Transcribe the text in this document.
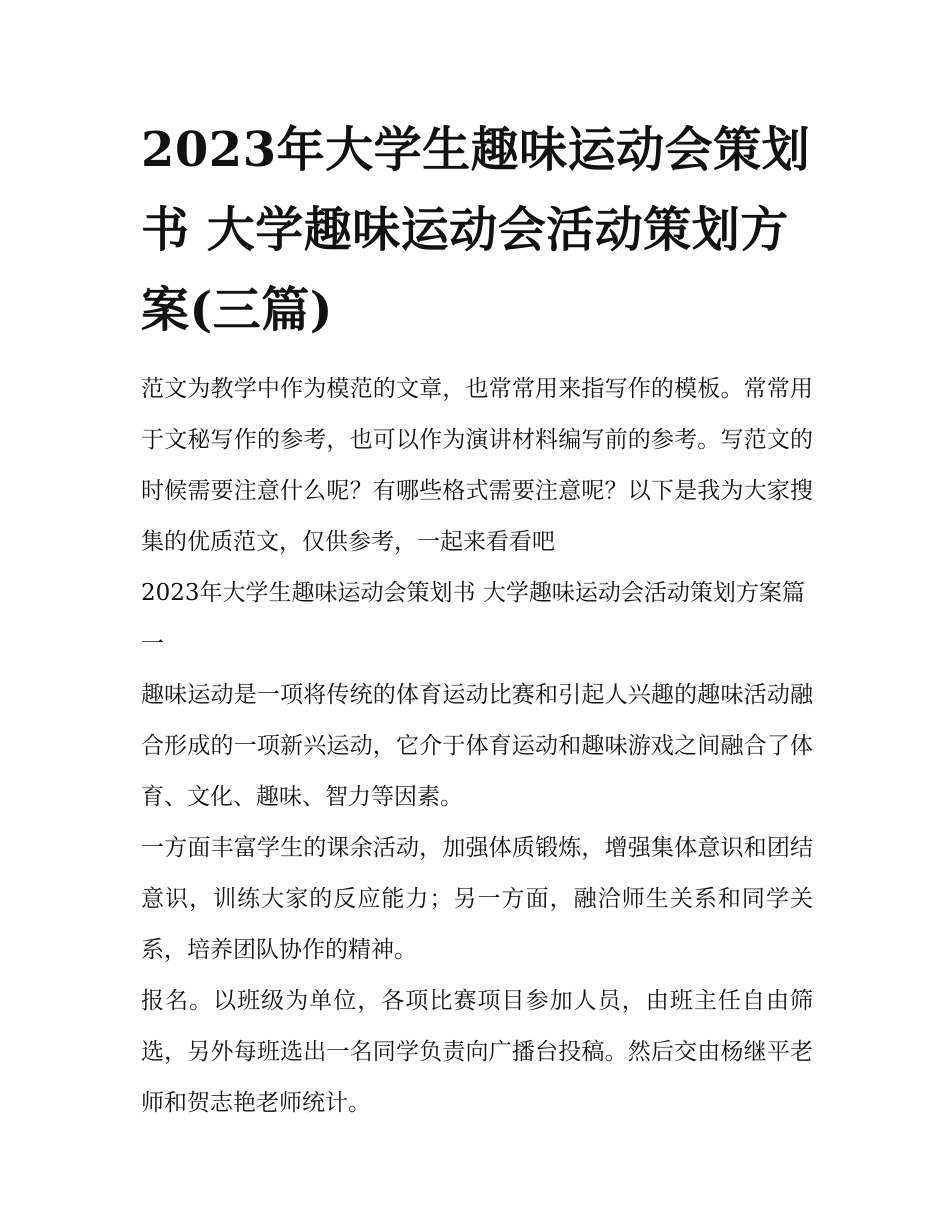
2023年大学生趣味运动会策划书 大学趣味运动会活动策划方案(三篇)

范文为教学中作为模范的文章，也常常用来指写作的模板。常常用于文秘写作的参考，也可以作为演讲材料编写前的参考。写范文的时候需要注意什么呢？有哪些格式需要注意呢？以下是我为大家搜集的优质范文，仅供参考，一起来看看吧

2023年大学生趣味运动会策划书 大学趣味运动会活动策划方案篇一

趣味运动是一项将传统的体育运动比赛和引起人兴趣的趣味活动融合形成的一项新兴运动，它介于体育运动和趣味游戏之间融合了体育、文化、趣味、智力等因素。

一方面丰富学生的课余活动，加强体质锻炼，增强集体意识和团结意识，训练大家的反应能力；另一方面，融洽师生关系和同学关系，培养团队协作的精神。

报名。以班级为单位，各项比赛项目参加人员，由班主任自由筛选，另外每班选出一名同学负责向广播台投稿。然后交由杨继平老师和贺志艳老师统计。
